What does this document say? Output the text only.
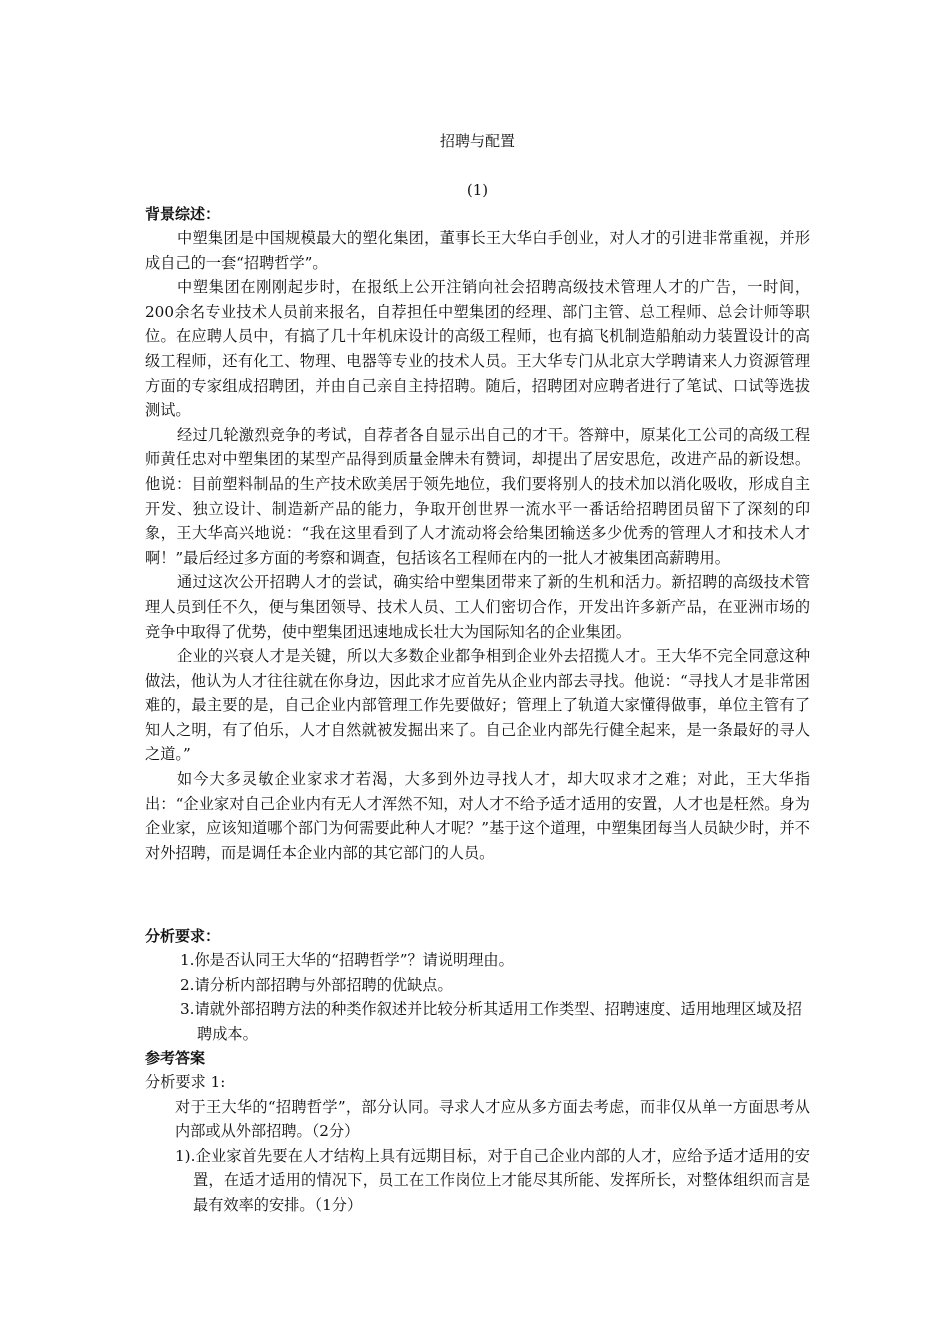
招聘与配置
(1)

背景综述：

中塑集团是中国规模最大的塑化集团，董事长王大华白手创业，对人才的引进非常重视，并形成自己的一套“招聘哲学”。

中塑集团在刚刚起步时，在报纸上公开注销向社会招聘高级技术管理人才的广告，一时间，200余名专业技术人员前来报名，自荐担任中塑集团的经理、部门主管、总工程师、总会计师等职位。在应聘人员中，有搞了几十年机床设计的高级工程师，也有搞飞机制造船舶动力装置设计的高级工程师，还有化工、物理、电器等专业的技术人员。王大华专门从北京大学聘请来人力资源管理方面的专家组成招聘团，并由自己亲自主持招聘。随后，招聘团对应聘者进行了笔试、口试等选拔测试。

经过几轮激烈竞争的考试，自荐者各自显示出自己的才干。答辩中，原某化工公司的高级工程师黄任忠对中塑集团的某型产品得到质量金牌未有赞词，却提出了居安思危，改进产品的新设想。他说：目前塑料制品的生产技术欧美居于领先地位，我们要将别人的技术加以消化吸收，形成自主开发、独立设计、制造新产品的能力，争取开创世界一流水平一番话给招聘团员留下了深刻的印象，王大华高兴地说：“我在这里看到了人才流动将会给集团输送多少优秀的管理人才和技术人才啊！”最后经过多方面的考察和调查，包括该名工程师在内的一批人才被集团高薪聘用。

通过这次公开招聘人才的尝试，确实给中塑集团带来了新的生机和活力。新招聘的高级技术管理人员到任不久，便与集团领导、技术人员、工人们密切合作，开发出许多新产品，在亚洲市场的竞争中取得了优势，使中塑集团迅速地成长壮大为国际知名的企业集团。

企业的兴衰人才是关键，所以大多数企业都争相到企业外去招揽人才。王大华不完全同意这种做法，他认为人才往往就在你身边，因此求才应首先从企业内部去寻找。他说：“寻找人才是非常困难的，最主要的是，自己企业内部管理工作先要做好；管理上了轨道大家懂得做事，单位主管有了知人之明，有了伯乐，人才自然就被发掘出来了。自己企业内部先行健全起来，是一条最好的寻人之道。”

如今大多灵敏企业家求才若渴，大多到外边寻找人才，却大叹求才之难；对此，王大华指出：“企业家对自己企业内有无人才浑然不知，对人才不给予适才适用的安置，人才也是枉然。身为企业家，应该知道哪个部门为何需要此种人才呢？”基于这个道理，中塑集团每当人员缺少时，并不对外招聘，而是调任本企业内部的其它部门的人员。

分析要求：

1.你是否认同王大华的“招聘哲学”？请说明理由。

2.请分析内部招聘与外部招聘的优缺点。

3.请就外部招聘方法的种类作叙述并比较分析其适用工作类型、招聘速度、适用地理区域及招聘成本。

参考答案

分析要求 1:

对于王大华的“招聘哲学”，部分认同。寻求人才应从多方面去考虑，而非仅从单一方面思考从内部或从外部招聘。（2分）

1).企业家首先要在人才结构上具有远期目标，对于自己企业内部的人才，应给予适才适用的安置，在适才适用的情况下，员工在工作岗位上才能尽其所能、发挥所长，对整体组织而言是最有效率的安排。（1分）
